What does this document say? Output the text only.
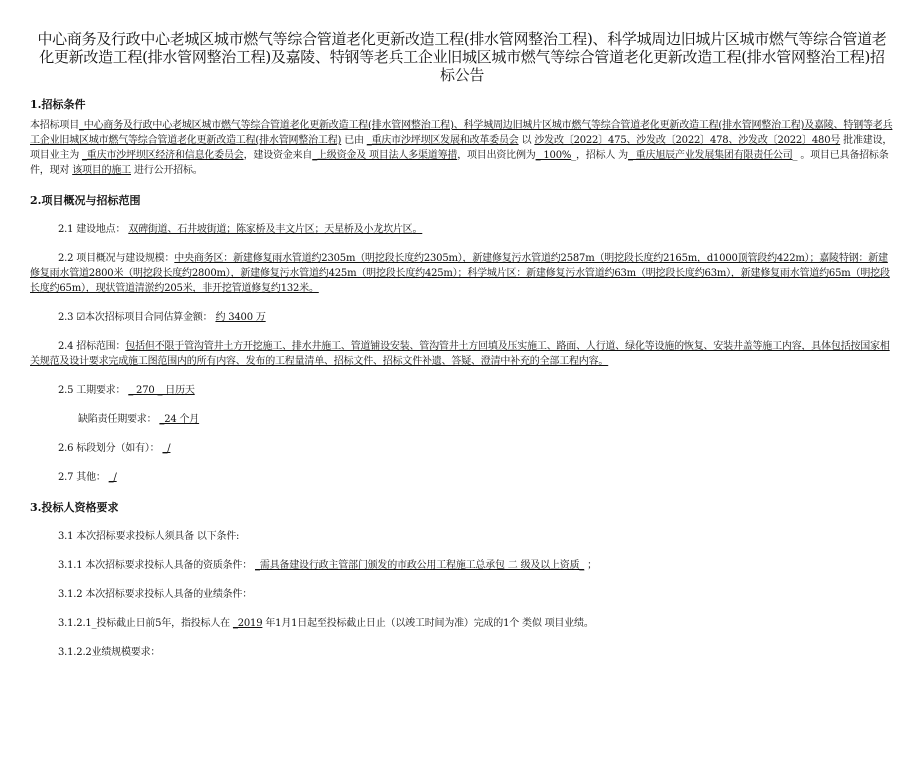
中心商务及行政中心老城区城市燃气等综合管道老化更新改造工程(排水管网整治工程)、科学城周边旧城片区城市燃气等综合管道老化更新改造工程(排水管网整治工程)及嘉陵、特钢等老兵工企业旧城区城市燃气等综合管道老化更新改造工程(排水管网整治工程)招标公告
1.招标条件
本招标项目_中心商务及行政中心老城区城市燃气等综合管道老化更新改造工程(排水管网整治工程)、科学城周边旧城片区城市燃气等综合管道老化更新改造工程(排水管网整治工程)及嘉陵、特钢等老兵工企业旧城区城市燃气等综合管道老化更新改造工程(排水管网整治工程) 已由 _重庆市沙坪坝区发展和改革委员会 以 沙发改〔2022〕475、沙发改〔2022〕478、沙发改〔2022〕480号 批准建设，项目业主为 _重庆市沙坪坝区经济和信息化委员会，建设资金来自_上级资金及 项目法人多渠道筹措，项目出资比例为_ 100%_，招标人 为_ 重庆旭辰产业发展集团有限责任公司_ 。项目已具备招标条件，现对 该项目的施工 进行公开招标。
2.项目概况与招标范围
2.1 建设地点： 双碑街道、石井坡街道；陈家桥及丰文片区；天星桥及小龙坎片区。
2.2 项目概况与建设规模：中央商务区：新建修复雨水管道约2305m（明挖段长度约2305m），新建修复污水管道约2587m（明挖段长度约2165m，d1000顶管段约422m）；嘉陵特钢：新建修复雨水管道2800米（明挖段长度约2800m），新建修复污水管道约425m（明挖段长度约425m）；科学城片区：新建修复污水管道约63m（明挖段长度约63m），新建修复雨水管道约65m（明挖段长度约65m），现状管道清淤约205米，非开挖管道修复约132米。
2.3 ☑本次招标项目合同估算金额： 约 3400 万
2.4 招标范围：包括但不限于管沟管井土方开挖施工、排水井施工、管道铺设安装、管沟管井土方回填及压实施工、路面、人行道、绿化等设施的恢复、安装井盖等施工内容，具体包括按国家相关规范及设计要求完成施工图范围内的所有内容、发布的工程量清单、招标文件、招标文件补遗、答疑、澄清中补充的全部工程内容。
2.5 工期要求： _ 270 _ 日历天
缺陷责任期要求： _24 个月
2.6 标段划分（如有）： _/
2.7 其他： _/
3.投标人资格要求
3.1 本次招标要求投标人须具备 以下条件:
3.1.1 本次招标要求投标人具备的资质条件： _需具备建设行政主管部门颁发的市政公用工程施工总承包 二 级及以上资质_ ；
3.1.2 本次招标要求投标人具备的业绩条件：
3.1.2.1_投标截止日前5年，指投标人在 _2019 年1月1日起至投标截止日止（以竣工时间为准）完成的1个 类似 项目业绩。
3.1.2.2业绩规模要求：
